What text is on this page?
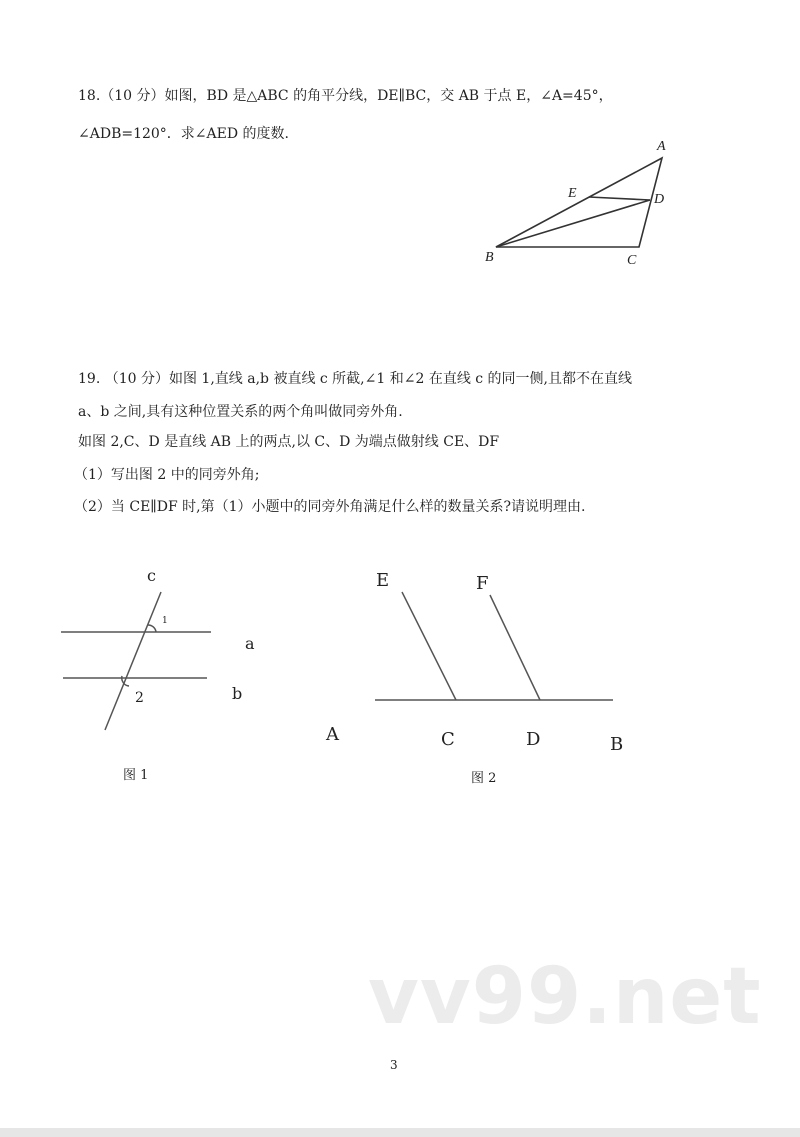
18.（10 分）如图，BD 是△ABC 的角平分线，DE∥BC，交 AB 于点 E，∠A=45°，
∠ADB=120°．求∠AED 的度数.
A
E	D
B	C
19. （10 分）如图 1,直线 a,b 被直线 c 所截,∠1 和∠2 在直线 c 的同一侧,且都不在直线
a、b 之间,具有这种位置关系的两个角叫做同旁外角.
如图 2,C、D 是直线 AB 上的两点,以 C、D 为端点做射线 CE、DF
（1）写出图 2 中的同旁外角;
（2）当 CE∥DF 时,第（1）小题中的同旁外角满足什么样的数量关系?请说明理由.
c
a
b
1
2
图 1
E	F
A	C	D	B
图 2
vv99.net
3
